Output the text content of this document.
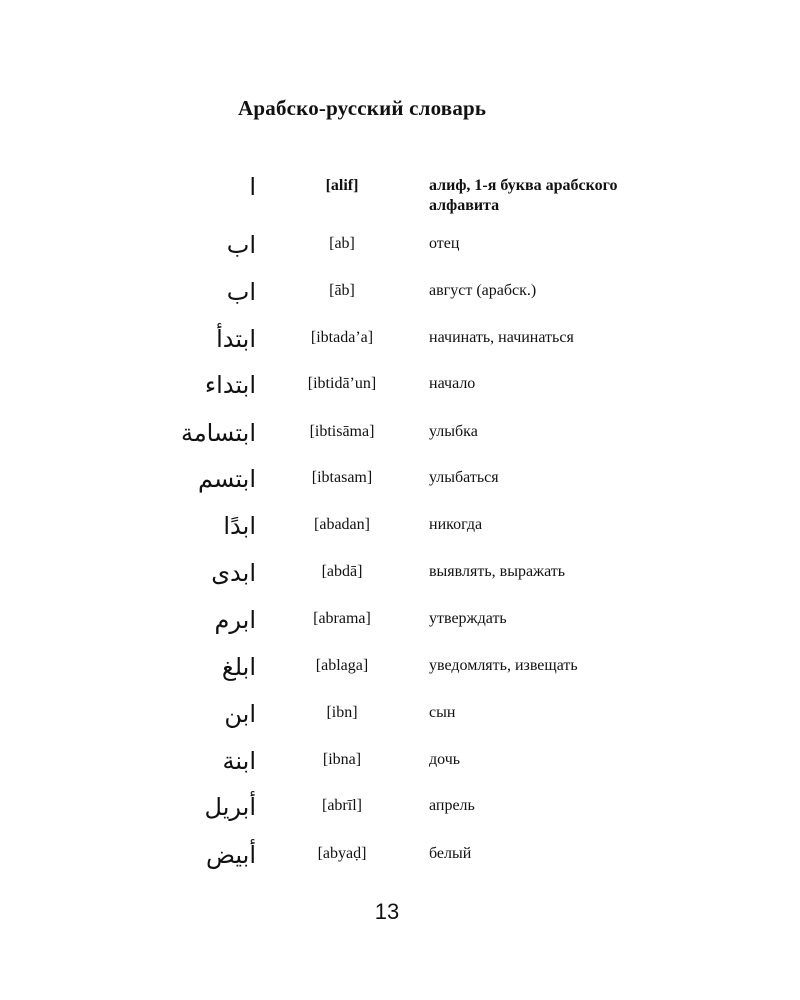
Арабско-русский словарь
ا	[alif]	алиф, 1-я буква арабского алфавита
اب	[ab]	отец
اب	[āb]	август (арабск.)
ابتدأ	[ibtada’a]	начинать, начинаться
ابتداء	[ibtidā’un]	начало
ابتسامة	[ibtisāma]	улыбка
ابتسم	[ibtasam]	улыбаться
ابدًا	[abadan]	никогда
ابدى	[abdā]	выявлять, выражать
ابرم	[abrama]	утверждать
ابلغ	[ablaga]	уведомлять, извещать
ابن	[ibn]	сын
ابنة	[ibna]	дочь
أبريل	[abrīl]	апрель
أبيض	[abyaḍ]	белый
13
